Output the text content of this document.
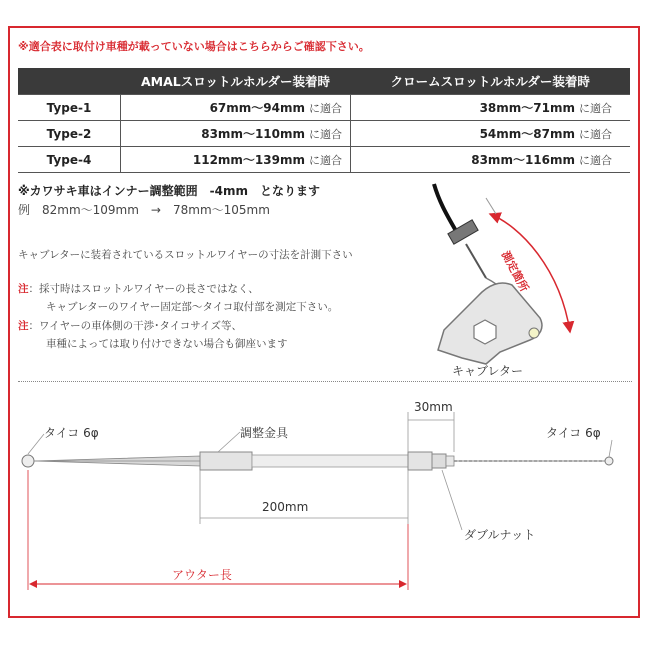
※適合表に取付け車種が載っていない場合はこちらからご確認下さい。
	AMALスロットルホルダー装着時	クロームスロットルホルダー装着時
Type-1	67mm〜94mm に適合	38mm〜71mm に適合
Type-2	83mm〜110mm に適合	54mm〜87mm に適合
Type-4	112mm〜139mm に適合	83mm〜116mm に適合
※カワサキ車はインナー調整範囲　-4mm　となります
例　82mm〜109mm　→　78mm〜105mm
キャブレターに装着されているスロットルワイヤーの寸法を計測下さい
注：採寸時はスロットルワイヤーの長さではなく、
キャブレターのワイヤー固定部〜タイコ取付部を測定下さい。
注：ワイヤーの車体側の干渉･タイコサイズ等、
車種によっては取り付けできない場合も御座います
測定箇所
キャブレター
タイコ 6φ	タイコ 6φ
調整金具
30mm
200mm
ダブルナット
アウター長
